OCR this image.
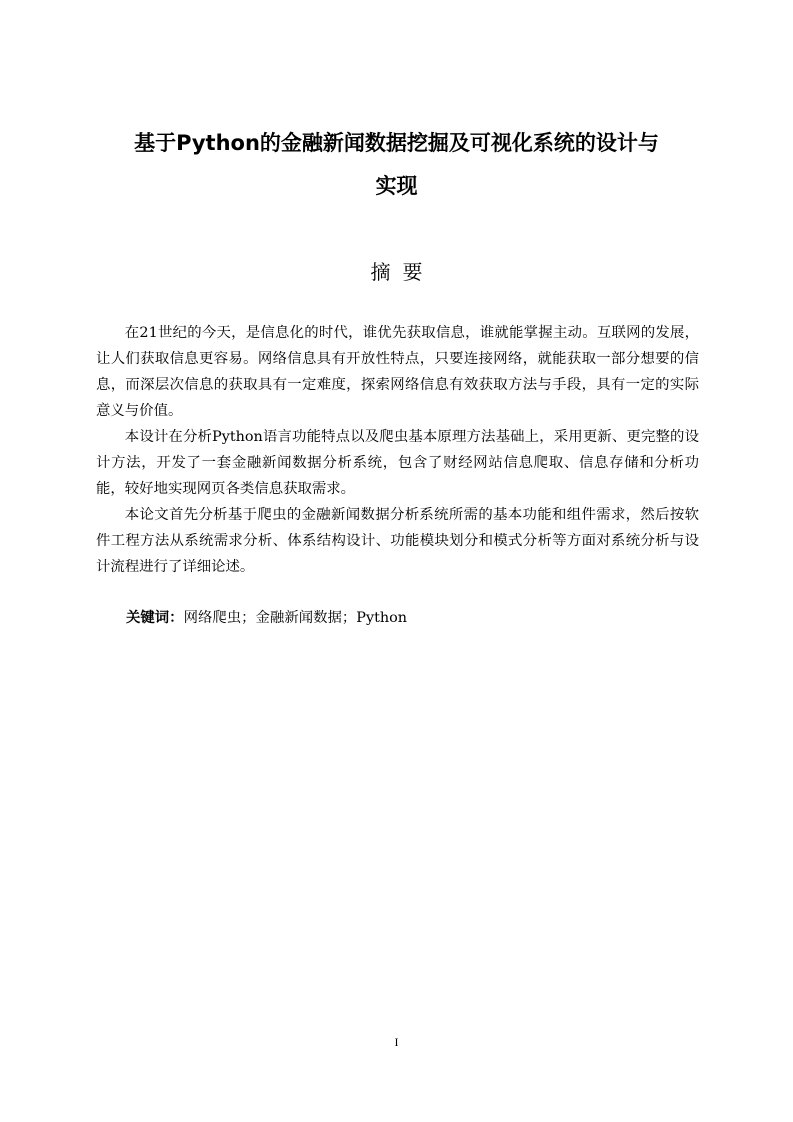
基于Python的金融新闻数据挖掘及可视化系统的设计与
实现
摘要

在21世纪的今天，是信息化的时代，谁优先获取信息，谁就能掌握主动。互联网的发展，让人们获取信息更容易。网络信息具有开放性特点，只要连接网络，就能获取一部分想要的信息，而深层次信息的获取具有一定难度，探索网络信息有效获取方法与手段，具有一定的实际意义与价值。

本设计在分析Python语言功能特点以及爬虫基本原理方法基础上，采用更新、更完整的设计方法，开发了一套金融新闻数据分析系统，包含了财经网站信息爬取、信息存储和分析功能，较好地实现网页各类信息获取需求。

本论文首先分析基于爬虫的金融新闻数据分析系统所需的基本功能和组件需求，然后按软件工程方法从系统需求分析、体系结构设计、功能模块划分和模式分析等方面对系统分析与设计流程进行了详细论述。

关键词：网络爬虫；金融新闻数据；Python

I
